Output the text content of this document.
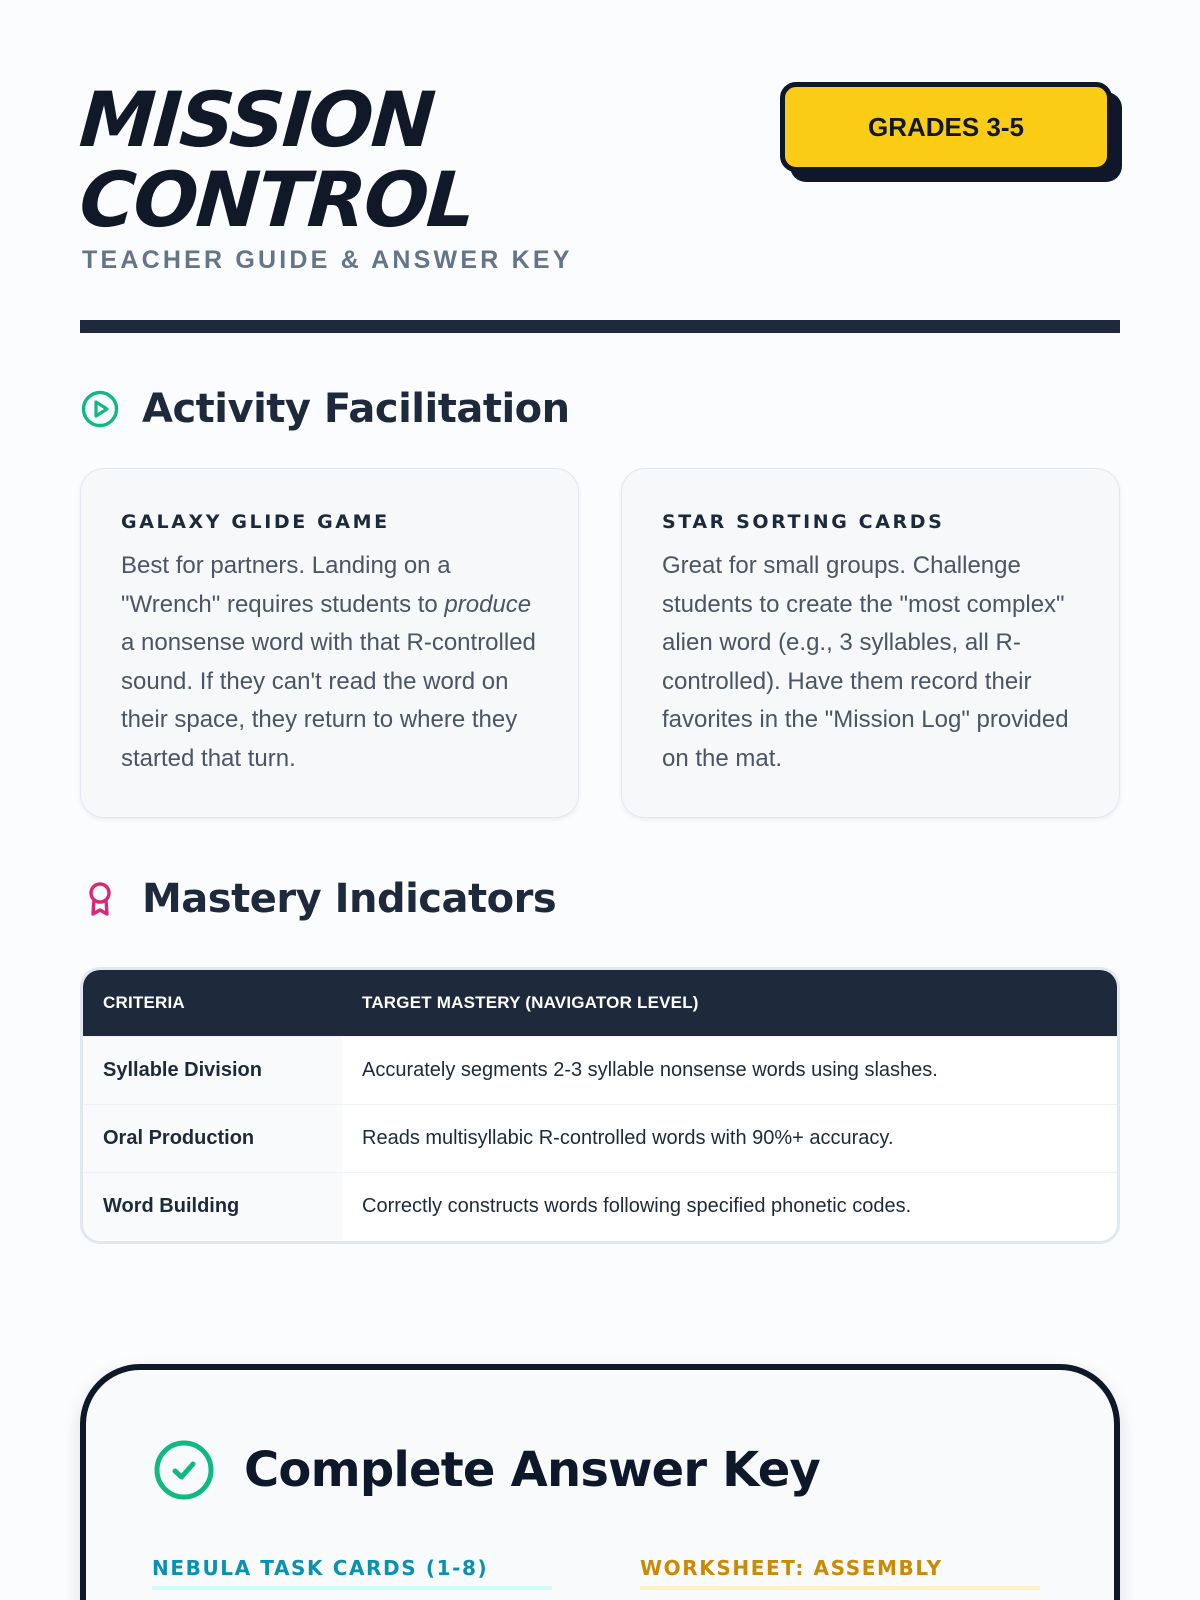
MISSION
CONTROL
TEACHER GUIDE & ANSWER KEY
GRADES 3-5
Activity Facilitation
GALAXY GLIDE GAME

Best for partners. Landing on a "Wrench" requires students to produce a nonsense word with that R-controlled sound. If they can't read the word on their space, they return to where they started that turn.

STAR SORTING CARDS

Great for small groups. Challenge students to create the "most complex" alien word (e.g., 3 syllables, all R-controlled). Have them record their favorites in the "Mission Log" provided on the mat.

Mastery Indicators
CRITERIA	TARGET MASTERY (NAVIGATOR LEVEL)
Syllable Division	Accurately segments 2-3 syllable nonsense words using slashes.
Oral Production	Reads multisyllabic R-controlled words with 90%+ accuracy.
Word Building	Correctly constructs words following specified phonetic codes.
Complete Answer Key
NEBULA TASK CARDS (1-8)	WORKSHEET: ASSEMBLY
